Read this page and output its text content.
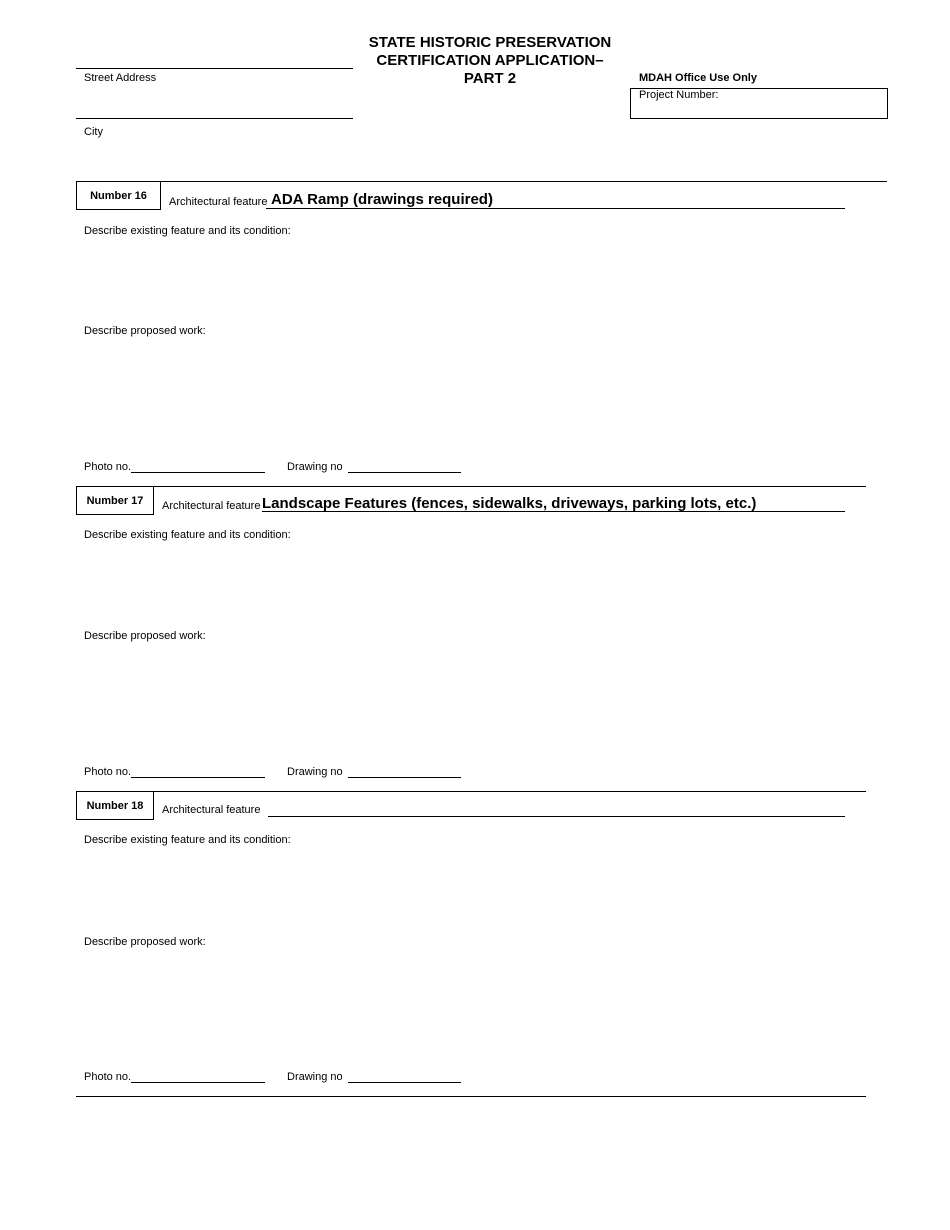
STATE HISTORIC PRESERVATION
CERTIFICATION APPLICATION–
PART 2
Street Address
City
MDAH Office Use Only
Project Number:
Number 16
Architectural feature ADA Ramp (drawings required)
Describe existing feature and its condition:
Describe proposed work:
Photo no.	Drawing no
Number 17 Architectural feature Landscape Features (fences, sidewalks, driveways, parking lots, etc.)
Describe existing feature and its condition:
Describe proposed work:
Photo no.	Drawing no
Number 18 Architectural feature
Describe existing feature and its condition:
Describe proposed work:
Photo no.	Drawing no
